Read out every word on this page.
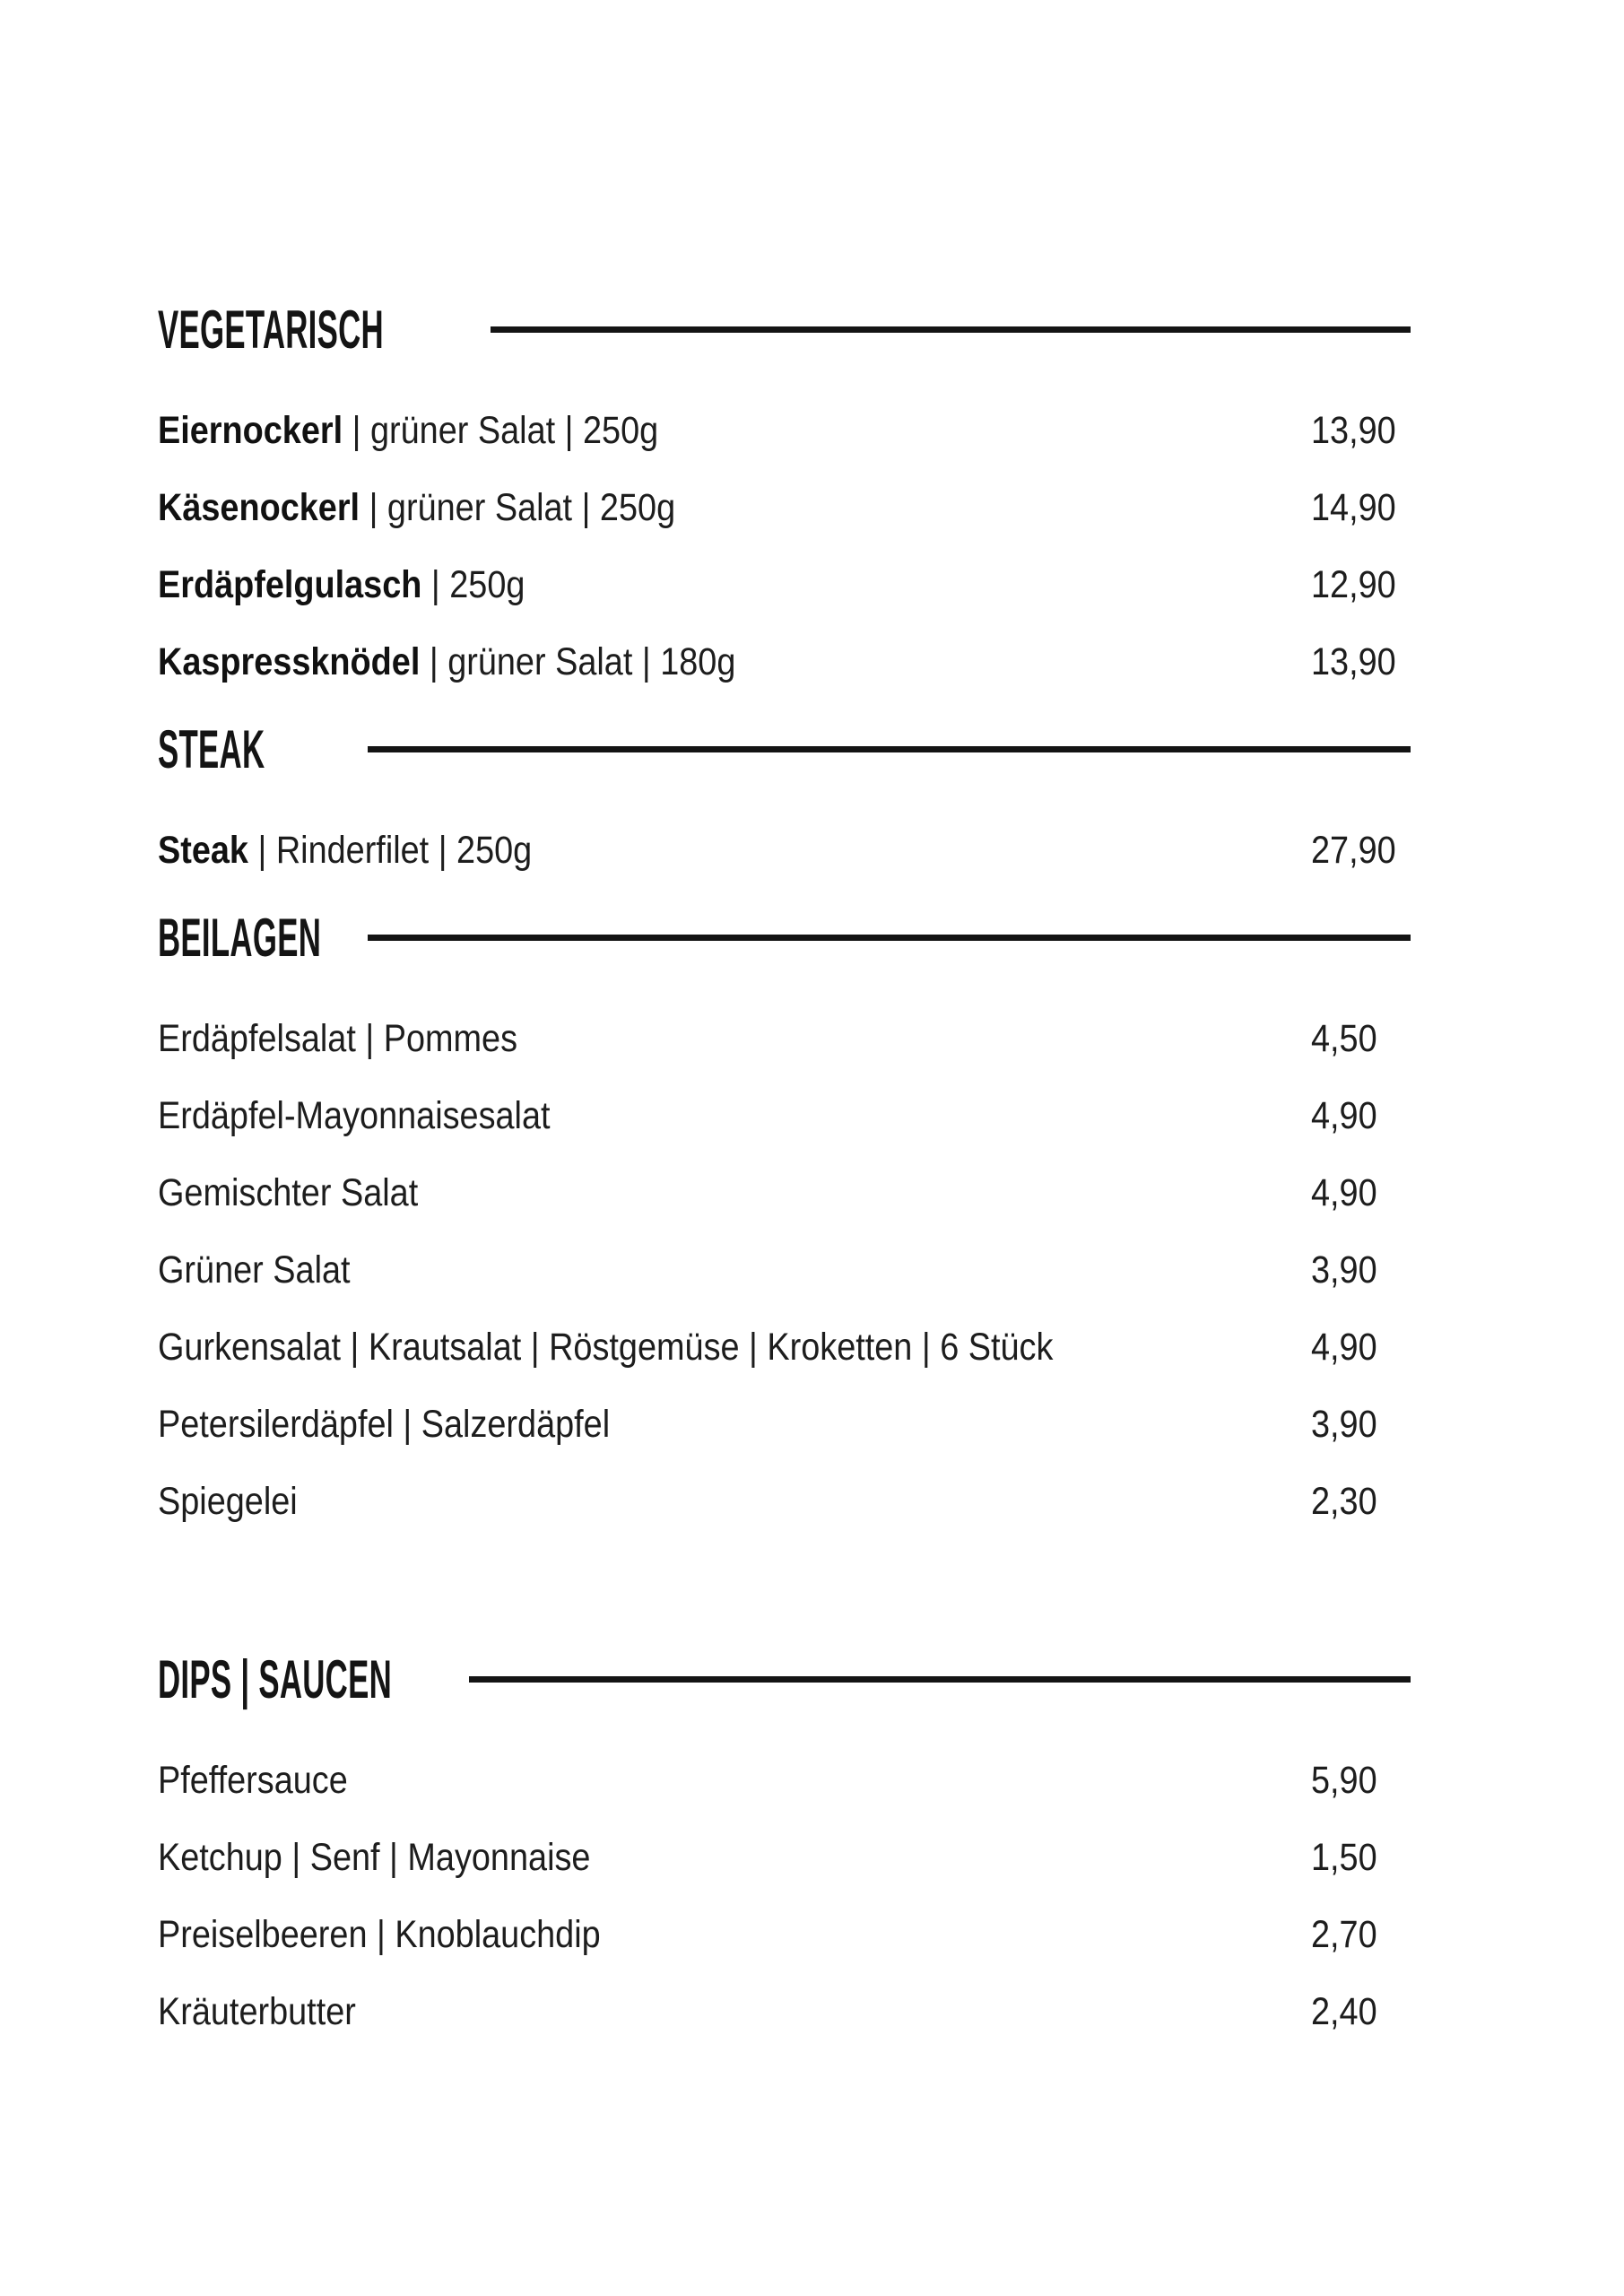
VEGETARISCH
Eiernockerl | grüner Salat | 250g	13,90
Käsenockerl | grüner Salat | 250g	14,90
Erdäpfelgulasch | 250g	12,90
Kaspressknödel | grüner Salat | 180g	13,90
STEAK
Steak | Rinderfilet | 250g	27,90
BEILAGEN
Erdäpfelsalat | Pommes	4,50
Erdäpfel-Mayonnaisesalat	4,90
Gemischter Salat	4,90
Grüner Salat	3,90
Gurkensalat | Krautsalat | Röstgemüse | Kroketten | 6 Stück	4,90
Petersilerdäpfel | Salzerdäpfel	3,90
Spiegelei	2,30
DIPS | SAUCEN
Pfeffersauce	5,90
Ketchup | Senf | Mayonnaise	1,50
Preiselbeeren | Knoblauchdip	2,70
Kräuterbutter	2,40
